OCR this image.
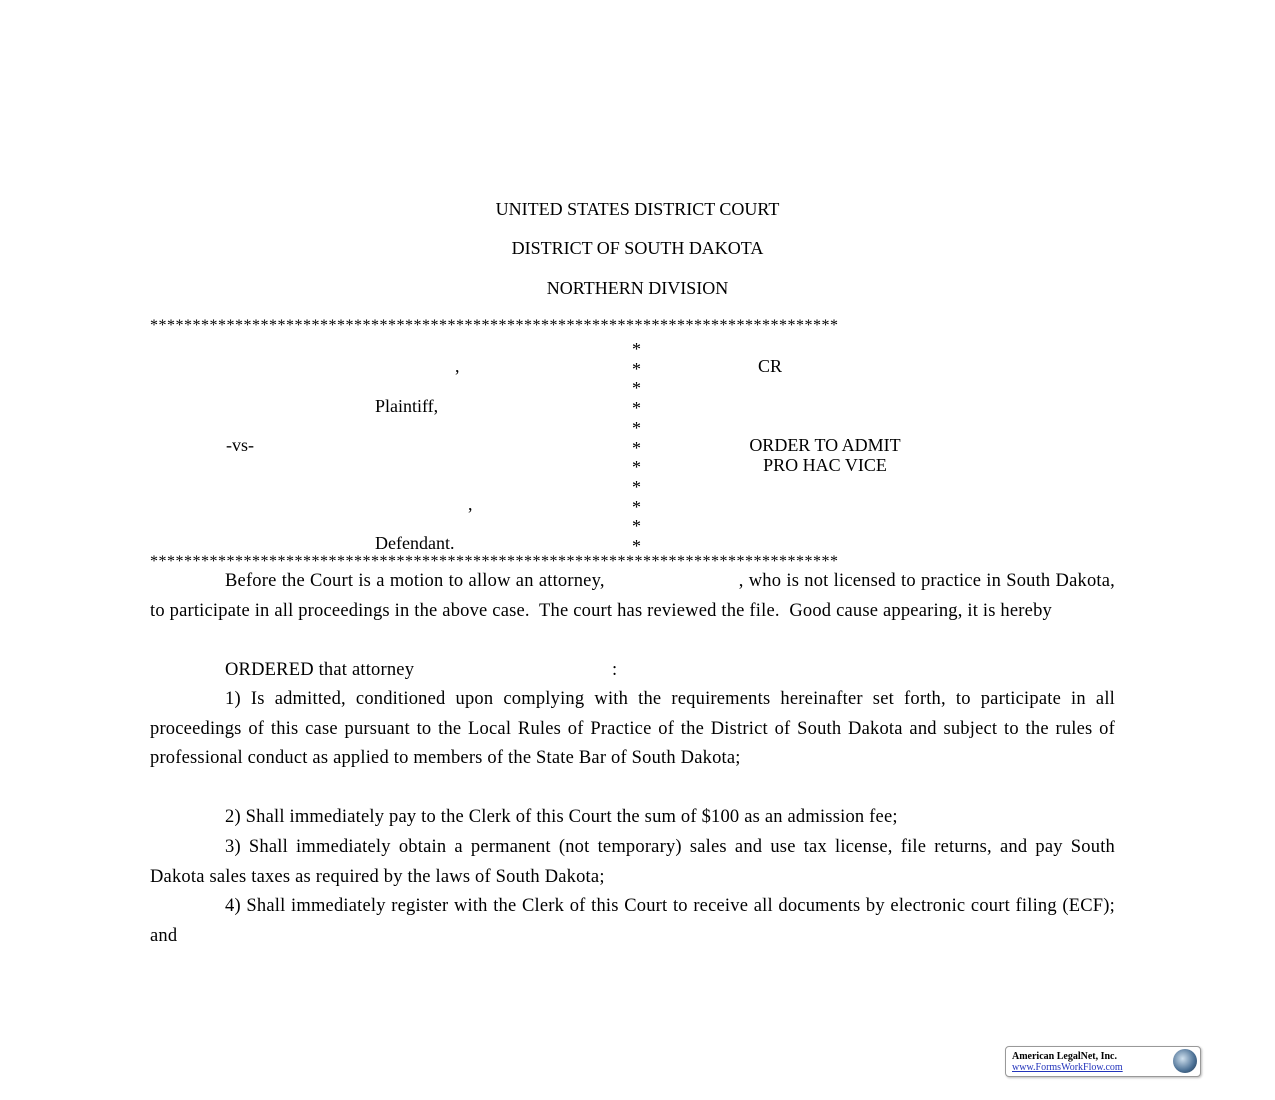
UNITED STATES DISTRICT COURT
DISTRICT OF SOUTH DAKOTA
NORTHERN DIVISION
*********************************************************************************
*
*
*
*
*
*
*
*
*
*
*
,
Plaintiff,
-vs-
,
Defendant.
CR
ORDER TO ADMIT
PRO HAC VICE
*********************************************************************************
Before the Court is a motion to allow an attorney,                          , who is not licensed to practice in South Dakota, to participate in all proceedings in the above case.  The court has reviewed the file.  Good cause appearing, it is hereby
ORDERED that attorney                                         :
1) Is admitted, conditioned upon complying with the requirements hereinafter set forth, to participate in all proceedings of this case pursuant to the Local Rules of Practice of the District of South Dakota and subject to the rules of professional conduct as applied to members of the State Bar of South Dakota;
2) Shall immediately pay to the Clerk of this Court the sum of $100 as an admission fee;
3) Shall immediately obtain a permanent (not temporary) sales and use tax license, file returns, and pay South Dakota sales taxes as required by the laws of South Dakota;
4) Shall immediately register with the Clerk of this Court to receive all documents by electronic court filing (ECF); and
American LegalNet, Inc.
www.FormsWorkFlow.com
